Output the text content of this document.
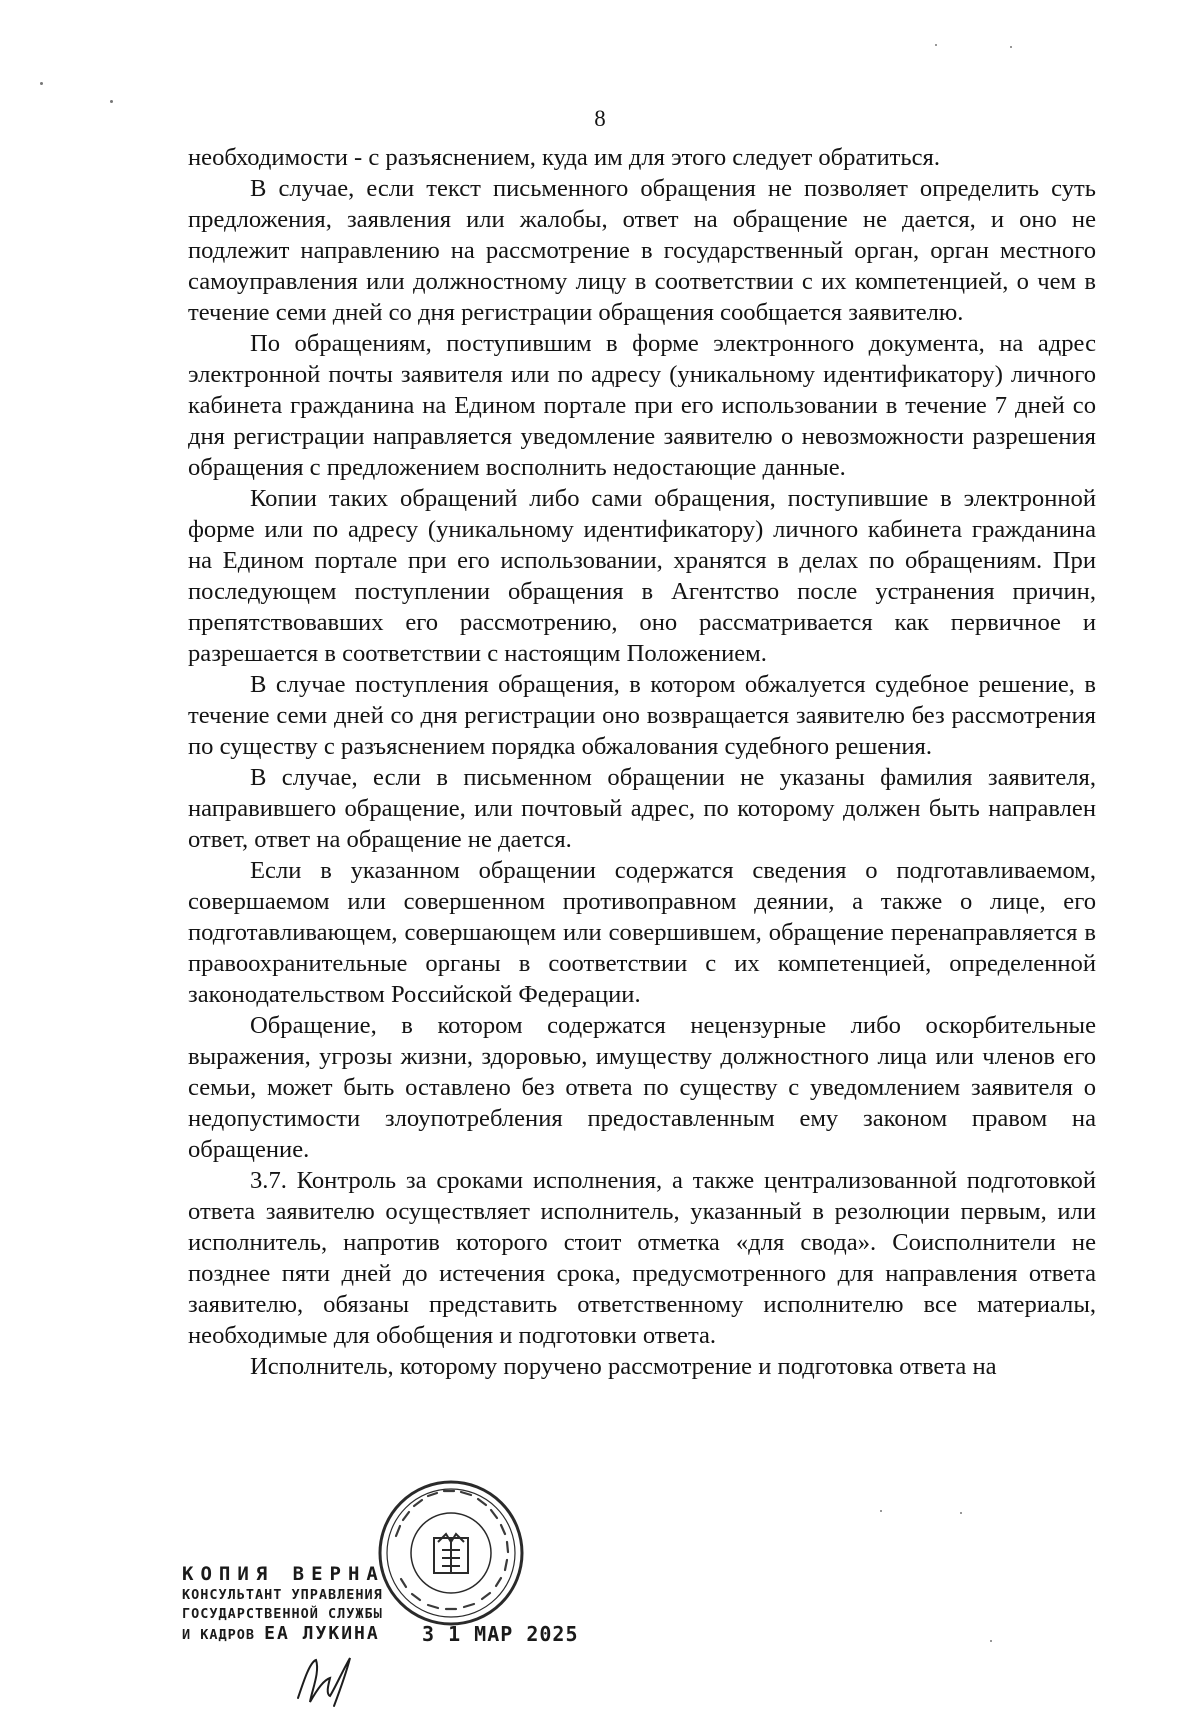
8

необходимости - с разъяснением, куда им для этого следует обратиться.

В случае, если текст письменного обращения не позволяет определить суть предложения, заявления или жалобы, ответ на обращение не дается, и оно не подлежит направлению на рассмотрение в государственный орган, орган местного самоуправления или должностному лицу в соответствии с их компетенцией, о чем в течение семи дней со дня регистрации обращения сообщается заявителю.

По обращениям, поступившим в форме электронного документа, на адрес электронной почты заявителя или по адресу (уникальному идентификатору) личного кабинета гражданина на Едином портале при его использовании в течение 7 дней со дня регистрации направляется уведомление заявителю о невозможности разрешения обращения с предложением восполнить недостающие данные.

Копии таких обращений либо сами обращения, поступившие в электронной форме или по адресу (уникальному идентификатору) личного кабинета гражданина на Едином портале при его использовании, хранятся в делах по обращениям. При последующем поступлении обращения в Агентство после устранения причин, препятствовавших его рассмотрению, оно рассматривается как первичное и разрешается в соответствии с настоящим Положением.

В случае поступления обращения, в котором обжалуется судебное решение, в течение семи дней со дня регистрации оно возвращается заявителю без рассмотрения по существу с разъяснением порядка обжалования судебного решения.

В случае, если в письменном обращении не указаны фамилия заявителя, направившего обращение, или почтовый адрес, по которому должен быть направлен ответ, ответ на обращение не дается.

Если в указанном обращении содержатся сведения о подготавливаемом, совершаемом или совершенном противоправном деянии, а также о лице, его подготавливающем, совершающем или совершившем, обращение перенаправляется в правоохранительные органы в соответствии с их компетенцией, определенной законодательством Российской Федерации.

Обращение, в котором содержатся нецензурные либо оскорбительные выражения, угрозы жизни, здоровью, имуществу должностного лица или членов его семьи, может быть оставлено без ответа по существу с уведомлением заявителя о недопустимости злоупотребления предоставленным ему законом правом на обращение.

3.7. Контроль за сроками исполнения, а также централизованной подготовкой ответа заявителю осуществляет исполнитель, указанный в резолюции первым, или исполнитель, напротив которого стоит отметка «для свода». Соисполнители не позднее пяти дней до истечения срока, предусмотренного для направления ответа заявителю, обязаны представить ответственному исполнителю все материалы, необходимые для обобщения и подготовки ответа.

Исполнитель, которому поручено рассмотрение и подготовка ответа на

КОПИЯ ВЕРНА
КОНСУЛЬТАНТ УПРАВЛЕНИЯ
ГОСУДАРСТВЕННОЙ СЛУЖБЫ
И КАДРОВ ЕА ЛУКИНА	3 1 МАР 2025
